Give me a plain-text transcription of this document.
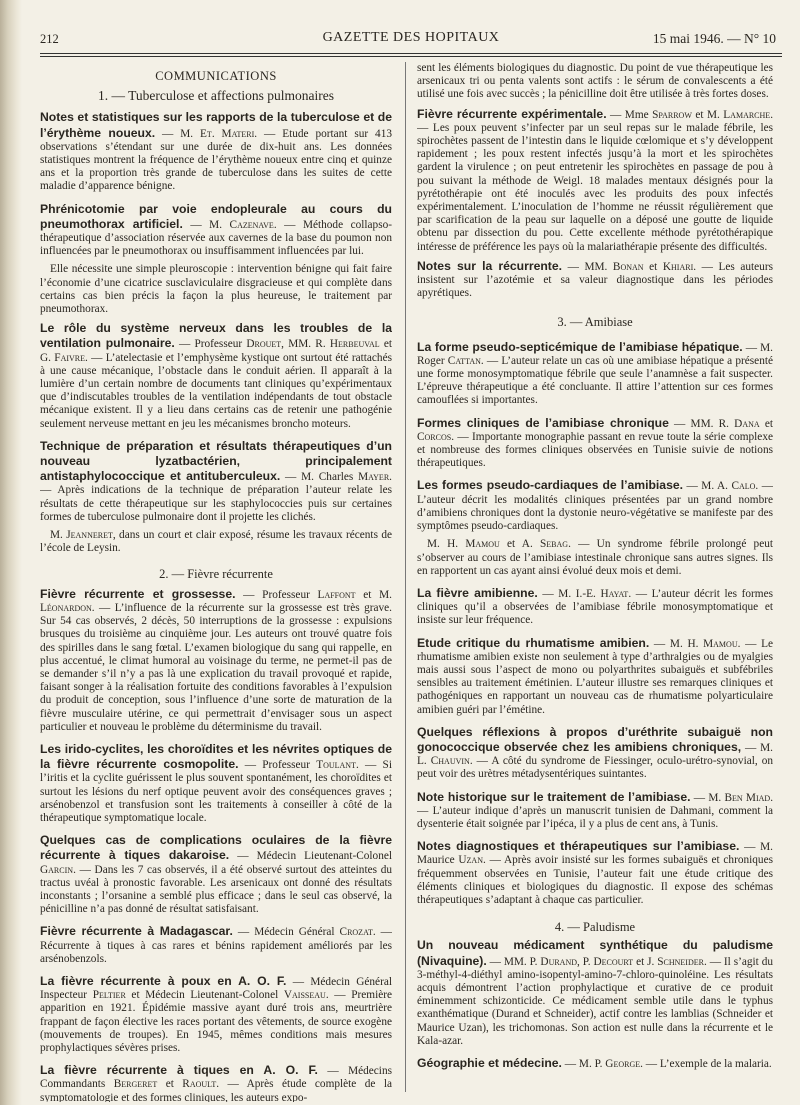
212	GAZETTE DES HOPITAUX	15 mai 1946. — N° 10
COMMUNICATIONS
1. — Tuberculose et affections pulmonaires

Notes et statistiques sur les rapports de la tuberculose et de l’érythème noueux. — M. Et. Materi. — Etude portant sur 413 observations s’étendant sur une durée de dix-huit ans. Les données statistiques montrent la fréquence de l’érythème noueux entre cinq et quinze ans et la proportion très grande de tuberculose dans les suites de cette maladie d’apparence bénigne.

Phrénicotomie par voie endopleurale au cours du pneumothorax artificiel. — M. Cazenave. — Méthode collapso-thérapeutique d’association réservée aux cavernes de la base du poumon non influencées par le pneumothorax ou insuffisamment influencées par lui.

Elle nécessite une simple pleuroscopie : intervention bénigne qui fait faire l’économie d’une cicatrice susclaviculaire disgracieuse et qui complète dans certains cas bien précis la façon la plus heureuse, le traitement par pneumothorax.

Le rôle du système nerveux dans les troubles de la ventilation pulmonaire. — Professeur Drouet, MM. R. Herbeuval et G. Faivre. — L’atelectasie et l’emphysème kystique ont surtout été rattachés à une cause mécanique, l’obstacle dans le conduit aérien. Il apparaît à la lumière d’un certain nombre de documents tant cliniques qu’expérimentaux que d’indiscutables troubles de la ventilation indépendants de tout obstacle mécanique existent. Il y a lieu dans certains cas de retenir une pathogénie seulement nerveuse mettant en jeu les mécanismes broncho moteurs.

Technique de préparation et résultats thérapeutiques d’un nouveau lyzatbactérien, principalement antistaphylococcique et antituberculeux. — M. Charles Mayer. — Après indications de la technique de préparation l’auteur relate les résultats de cette thérapeutique sur les staphylococcies puis sur certaines formes de tuberculose pulmonaire dont il projette les clichés.

M. Jeanneret, dans un court et clair exposé, résume les travaux récents de l’école de Leysin.

2. — Fièvre récurrente

Fièvre récurrente et grossesse. — Professeur Laffont et M. Léonardon. — L’influence de la récurrente sur la grossesse est très grave. Sur 54 cas observés, 2 décès, 50 interruptions de la grossesse : expulsions brusques du troisième au cinquième jour. Les auteurs ont trouvé quatre fois des spirilles dans le sang fœtal. L’examen biologique du sang qui rappelle, en plus accentué, le climat humoral au voisinage du terme, ne permet-il pas de se demander s’il n’y a pas là une explication du travail provoqué et rapide, faisant songer à la réalisation fortuite des conditions favorables à l’expulsion du produit de conception, sous l’influence d’une sorte de maturation de la fièvre musculaire utérine, ce qui permettrait d’envisager sous un aspect particulier et nouveau le problème du déterminisme du travail.

Les irido-cyclites, les choroïdites et les névrites optiques de la fièvre récurrente cosmopolite. — Professeur Toulant. — Si l’iritis et la cyclite guérissent le plus souvent spontanément, les choroïdites et surtout les lésions du nerf optique peuvent avoir des conséquences graves ; arsénobenzol et transfusion sont les traitements à conseiller à côté de la thérapeutique symptomatique locale.

Quelques cas de complications oculaires de la fièvre récurrente à tiques dakaroise. — Médecin Lieutenant-Colonel Garcin. — Dans les 7 cas observés, il a été observé surtout des atteintes du tractus uvéal à pronostic favorable. Les arsenicaux ont donné des résultats inconstants ; l’orsanine a semblé plus efficace ; dans le seul cas observé, la pénicilline n’a pas donné de résultat satisfaisant.

Fièvre récurrente à Madagascar. — Médecin Général Crozat. — Récurrente à tiques à cas rares et bénins rapidement améliorés par les arsénobenzols.

La fièvre récurrente à poux en A. O. F. — Médecin Général Inspecteur Peltier et Médecin Lieutenant-Colonel Vaisseau. — Première apparition en 1921. Épidémie massive ayant duré trois ans, meurtrière frappant de façon élective les races portant des vêtements, de source exogène (mouvements de troupes). En 1945, mêmes conditions mais mesures prophylactiques sévères prises.

La fièvre récurrente à tiques en A. O. F. — Médecins Commandants Bergeret et Raoult. — Après étude complète de la symptomatologie et des formes cliniques, les auteurs expo-

sent les éléments biologiques du diagnostic. Du point de vue thérapeutique les arsenicaux tri ou penta valents sont actifs : le sérum de convalescents a été utilisé une fois avec succès ; la pénicilline doit être utilisée à très fortes doses.

Fièvre récurrente expérimentale. — Mme Sparrow et M. Lamarche. — Les poux peuvent s’infecter par un seul repas sur le malade fébrile, les spirochètes passent de l’intestin dans le liquide cœlomique et s’y développent rapidement ; les poux restent infectés jusqu’à la mort et les spirochètes gardent la virulence ; on peut entretenir les spirochètes en passage de pou à pou suivant la méthode de Weigl. 18 malades mentaux désignés pour la pyrétothérapie ont été inoculés avec les produits des poux infectés expérimentalement. L’inoculation de l’homme ne réussit régulièrement que par scarification de la peau sur laquelle on a déposé une goutte de liquide obtenu par dissection du pou. Cette excellente méthode pyrétothérapique intéresse de préférence les pays où la malariathérapie présente des difficultés.

Notes sur la récurrente. — MM. Bonan et Khiari. — Les auteurs insistent sur l’azotémie et sa valeur diagnostique dans les périodes apyrétiques.

3. — Amibiase

La forme pseudo-septicémique de l’amibiase hépatique. — M. Roger Cattan. — L’auteur relate un cas où une amibiase hépatique a présenté une forme monosymptomatique fébrile que seule l’anamnèse a fait suspecter. L’épreuve thérapeutique a été concluante. Il attire l’attention sur ces formes camouflées si importantes.

Formes cliniques de l’amibiase chronique — MM. R. Dana et Corcos. — Importante monographie passant en revue toute la série complexe et nombreuse des formes cliniques observées en Tunisie suivie de notions thérapeutiques.

Les formes pseudo-cardiaques de l’amibiase. — M. A. Calo. — L’auteur décrit les modalités cliniques présentées par un grand nombre d’amibiens chroniques dont la dystonie neuro-végétative se manifeste par des symptômes pseudo-cardiaques.

M. H. Mamou et A. Sebag. — Un syndrome fébrile prolongé peut s’observer au cours de l’amibiase intestinale chronique sans autres signes. Ils en rapportent un cas ayant ainsi évolué deux mois et demi.

La fièvre amibienne. — M. I.-E. Hayat. — L’auteur décrit les formes cliniques qu’il a observées de l’amibiase fébrile monosymptomatique et insiste sur leur fréquence.

Etude critique du rhumatisme amibien. — M. H. Mamou. — Le rhumatisme amibien existe non seulement à type d’arthralgies ou de myalgies mais aussi sous l’aspect de mono ou polyarthrites subaiguës et subfébriles sensibles au traitement émétinien. L’auteur illustre ses remarques cliniques et pathogéniques en rapportant un nouveau cas de rhumatisme polyarticulaire amibien guéri par l’émétine.

Quelques réflexions à propos d’uréthrite subaiguë non gonococcique observée chez les amibiens chroniques, — M. L. Chauvin. — A côté du syndrome de Fiessinger, oculo-urétro-synovial, on peut voir des urètres métadysentériques suintantes.

Note historique sur le traitement de l’amibiase. — M. Ben Miad. — L’auteur indique d’après un manuscrit tunisien de Dahmani, comment la dysenterie était soignée par l’ipéca, il y a plus de cent ans, à Tunis.

Notes diagnostiques et thérapeutiques sur l’amibiase. — M. Maurice Uzan. — Après avoir insisté sur les formes subaiguës et chroniques fréquemment observées en Tunisie, l’auteur fait une étude critique des éléments cliniques et biologiques du diagnostic. Il expose des schémas thérapeutiques s’adaptant à chaque cas particulier.

4. — Paludisme

Un nouveau médicament synthétique du paludisme (Nivaquine). — MM. P. Durand, P. Decourt et J. Schneider. — Il s’agit du 3-méthyl-4-diéthyl amino-isopentyl-amino-7-chloro-quinoléine. Les résultats acquis démontrent l’action prophylactique et curative de ce produit éminemment schizonticide. Ce médicament semble utile dans le typhus exanthématique (Durand et Schneider), actif contre les lamblias (Schneider et Maurice Uzan), les trichomonas. Son action est nulle dans la récurrente et le Kala-azar.

Géographie et médecine. — M. P. George. — L’exemple de la malaria.
